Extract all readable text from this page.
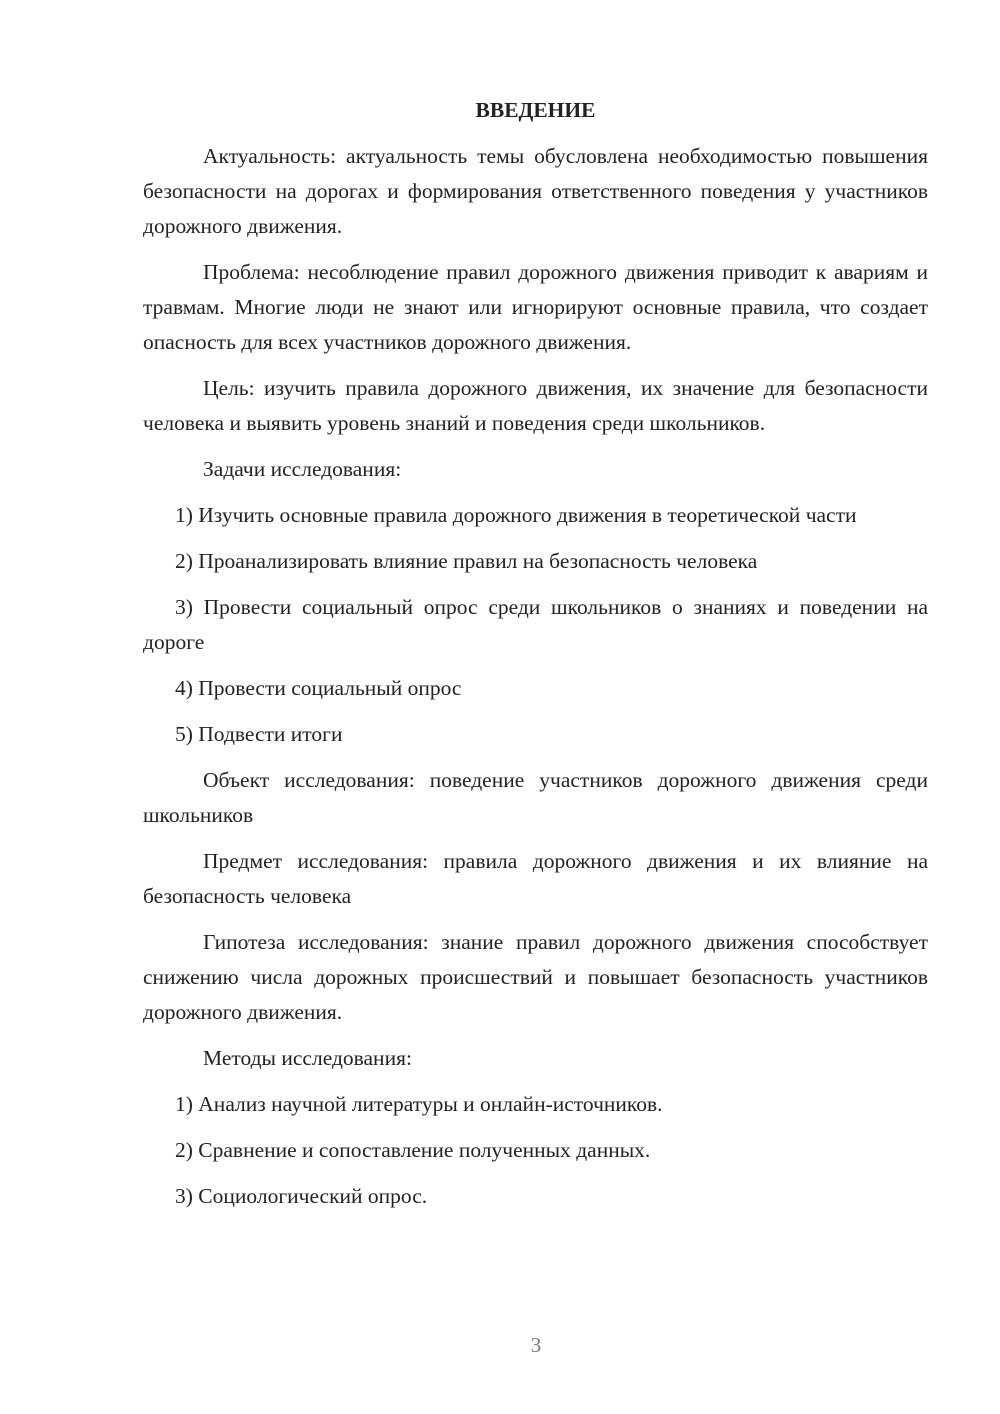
ВВЕДЕНИЕ

Актуальность: актуальность темы обусловлена необходимостью повышения безопасности на дорогах и формирования ответственного поведения у участников дорожного движения.

Проблема: несоблюдение правил дорожного движения приводит к авариям и травмам. Многие люди не знают или игнорируют основные правила, что создает опасность для всех участников дорожного движения.

Цель: изучить правила дорожного движения, их значение для безопасности человека и выявить уровень знаний и поведения среди школьников.

Задачи исследования:

1) Изучить основные правила дорожного движения в теоретической части

2) Проанализировать влияние правил на безопасность человека

3) Провести социальный опрос среди школьников о знаниях и поведении на дороге

4) Провести социальный опрос

5) Подвести итоги

Объект исследования: поведение участников дорожного движения среди школьников

Предмет исследования: правила дорожного движения и их влияние на безопасность человека

Гипотеза исследования: знание правил дорожного движения способствует снижению числа дорожных происшествий и повышает безопасность участников дорожного движения.

Методы исследования:

1) Анализ научной литературы и онлайн-источников.

2) Сравнение и сопоставление полученных данных.

3) Социологический опрос.

3
